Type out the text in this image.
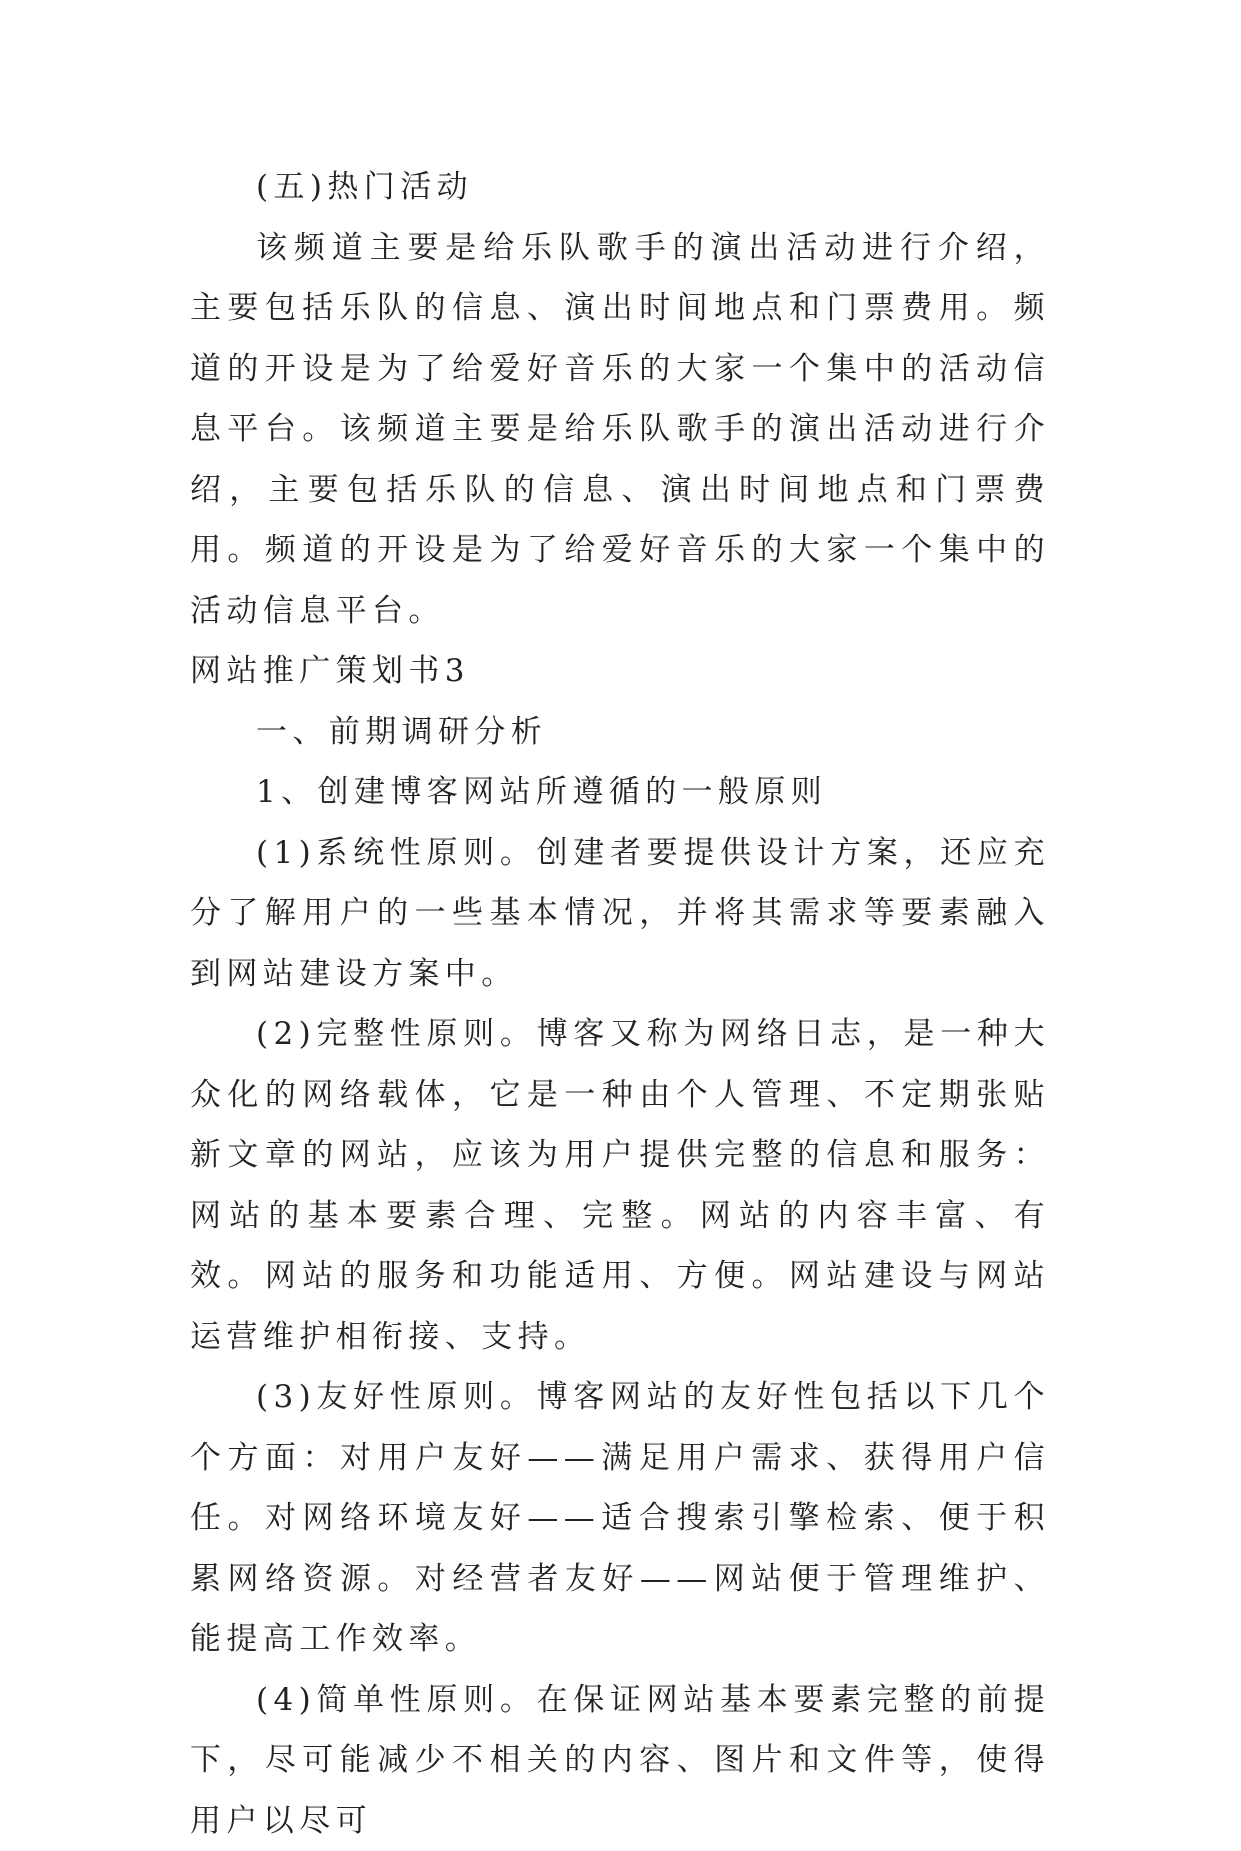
(五)热门活动

该频道主要是给乐队歌手的演出活动进行介绍，主要包括乐队的信息、演出时间地点和门票费用。频道的开设是为了给爱好音乐的大家一个集中的活动信息平台。该频道主要是给乐队歌手的演出活动进行介绍，主要包括乐队的信息、演出时间地点和门票费用。频道的开设是为了给爱好音乐的大家一个集中的活动信息平台。

网站推广策划书3

一、前期调研分析

1、创建博客网站所遵循的一般原则

(1)系统性原则。创建者要提供设计方案，还应充分了解用户的一些基本情况，并将其需求等要素融入到网站建设方案中。

(2)完整性原则。博客又称为网络日志，是一种大众化的网络载体，它是一种由个人管理、不定期张贴新文章的网站，应该为用户提供完整的信息和服务：网站的基本要素合理、完整。网站的内容丰富、有效。网站的服务和功能适用、方便。网站建设与网站运营维护相衔接、支持。

(3)友好性原则。博客网站的友好性包括以下几个个方面：对用户友好——满足用户需求、获得用户信任。对网络环境友好——适合搜索引擎检索、便于积累网络资源。对经营者友好——网站便于管理维护、能提高工作效率。

(4)简单性原则。在保证网站基本要素完整的前提下，尽可能减少不相关的内容、图片和文件等，使得用户以尽可
